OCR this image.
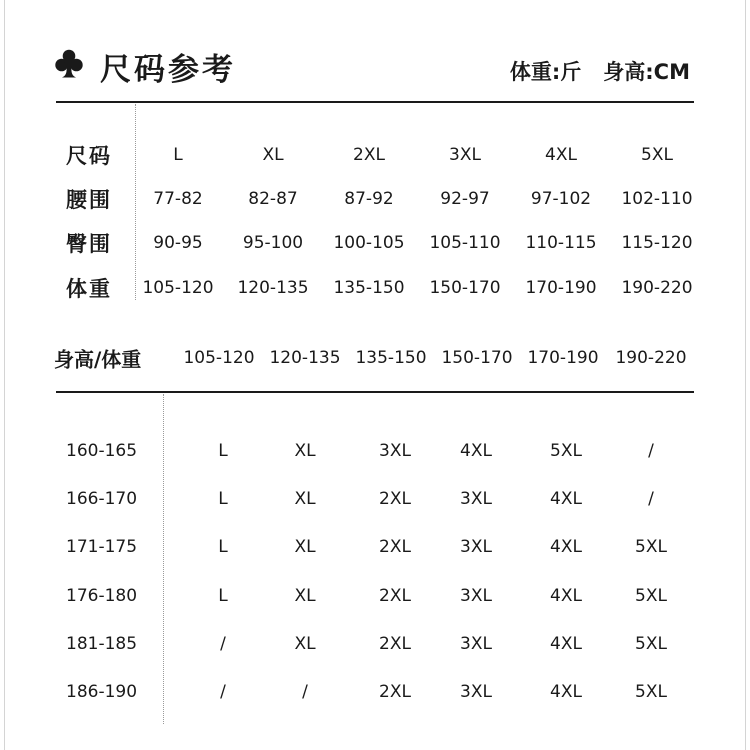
尺码参考	体重:斤 身高:CM
尺码	L	XL	2XL	3XL	4XL	5XL
腰围 77-82	82-87	87-92	92-97 97-102 102-110
臀围 90-95 95-100 100-105 105-110 110-115 115-120
体重 105-120 120-135 135-150 150-170 170-190 190-220
身高/体重 105-120 120-135 135-150 150-170 170-190 190-220
160-165	L	XL	3XL	4XL	5XL	/
166-170	L	XL	2XL	3XL	4XL	/
171-175	L	XL	2XL	3XL	4XL	5XL
176-180	L	XL	2XL	3XL	4XL	5XL
181-185	/	XL	2XL	3XL	4XL	5XL
186-190	/	/	2XL	3XL	4XL	5XL
